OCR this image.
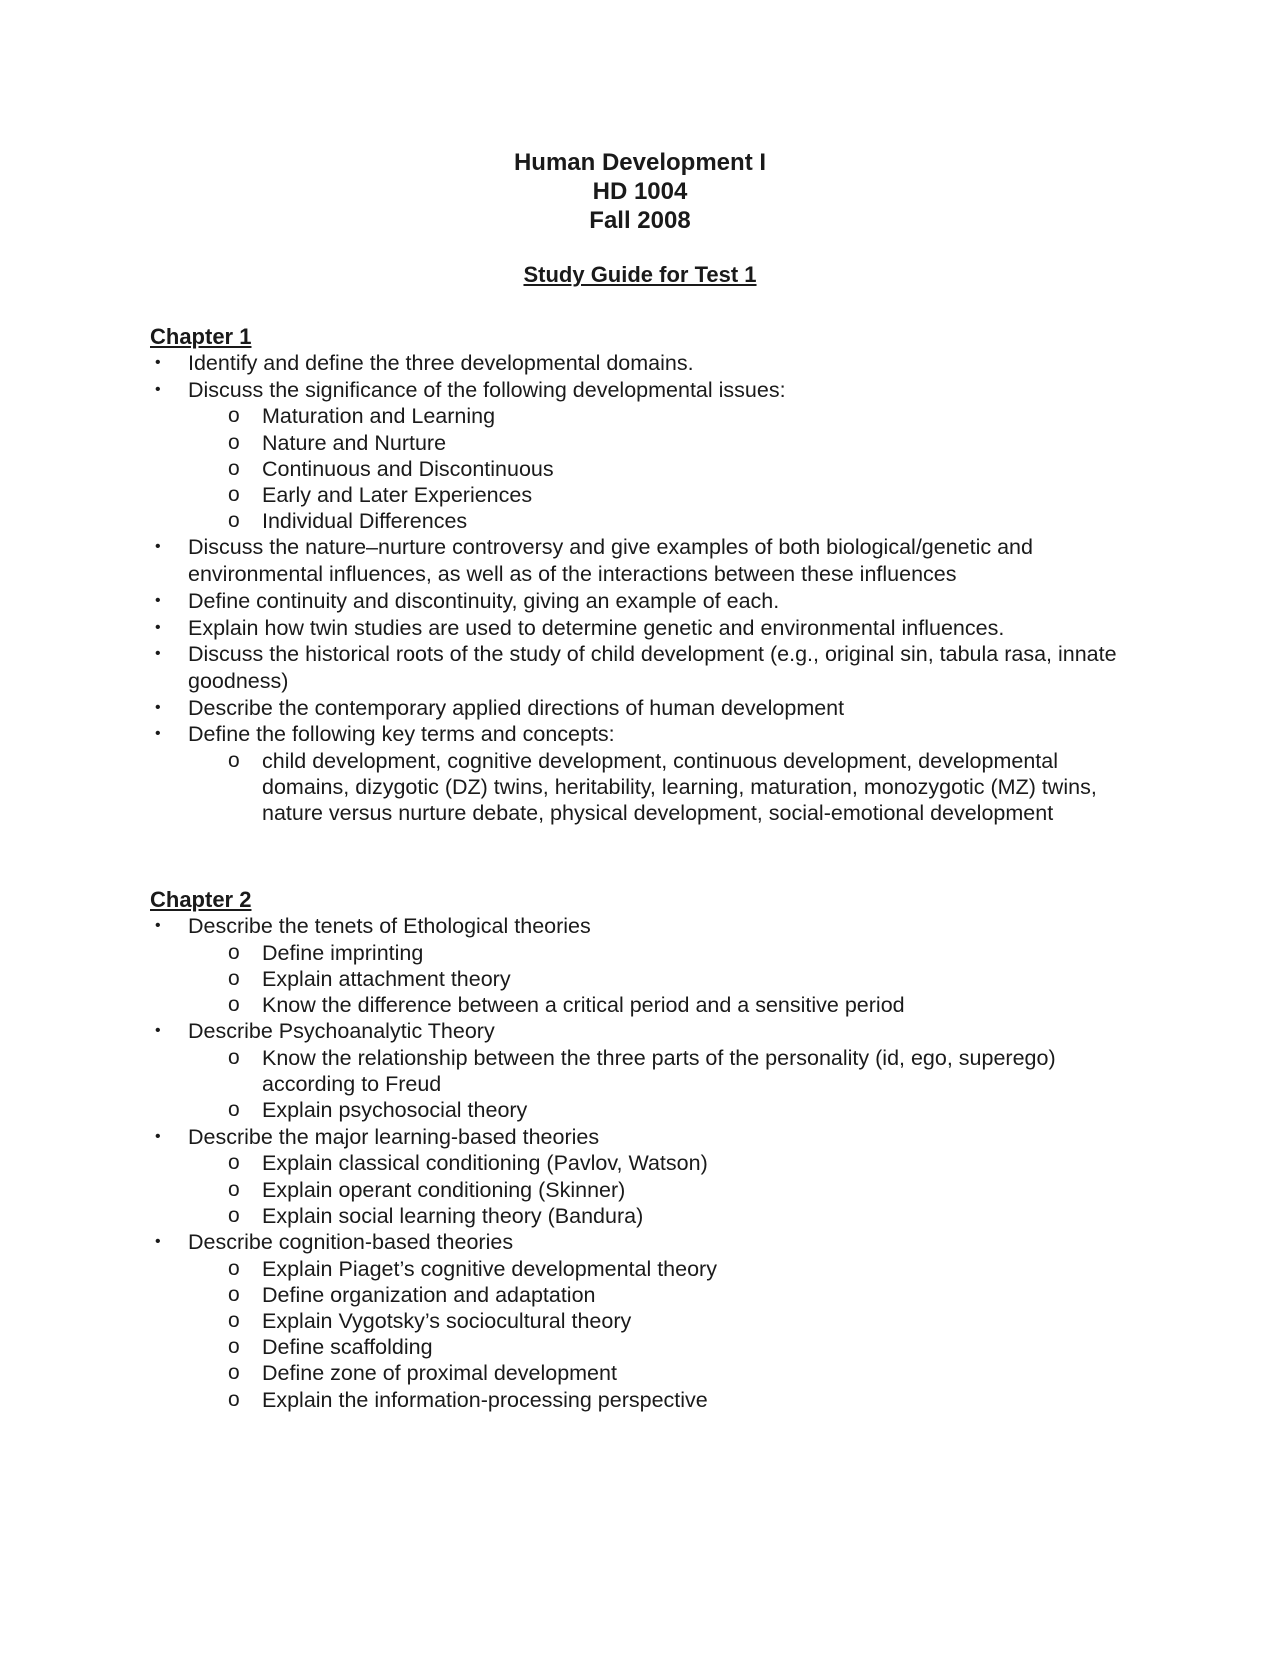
Human Development I
HD 1004
Fall 2008
Study Guide for Test 1
Chapter 1
• Identify and define the three developmental domains.
• Discuss the significance of the following developmental issues:
o Maturation and Learning
o Nature and Nurture
o Continuous and Discontinuous
o Early and Later Experiences
o Individual Differences
• Discuss the nature–nurture controversy and give examples of both biological/genetic and environmental influences, as well as of the interactions between these influences
• Define continuity and discontinuity, giving an example of each.
• Explain how twin studies are used to determine genetic and environmental influences.
• Discuss the historical roots of the study of child development (e.g., original sin, tabula rasa, innate goodness)
• Describe the contemporary applied directions of human development
• Define the following key terms and concepts:
o child development, cognitive development, continuous development, developmental domains, dizygotic (DZ) twins, heritability, learning, maturation, monozygotic (MZ) twins, nature versus nurture debate, physical development, social-emotional development
Chapter 2
• Describe the tenets of Ethological theories
o Define imprinting
o Explain attachment theory
o Know the difference between a critical period and a sensitive period
• Describe Psychoanalytic Theory
o Know the relationship between the three parts of the personality (id, ego, superego) according to Freud
o Explain psychosocial theory
• Describe the major learning-based theories
o Explain classical conditioning (Pavlov, Watson)
o Explain operant conditioning (Skinner)
o Explain social learning theory (Bandura)
• Describe cognition-based theories
o Explain Piaget’s cognitive developmental theory
o Define organization and adaptation
o Explain Vygotsky’s sociocultural theory
o Define scaffolding
o Define zone of proximal development
o Explain the information-processing perspective
